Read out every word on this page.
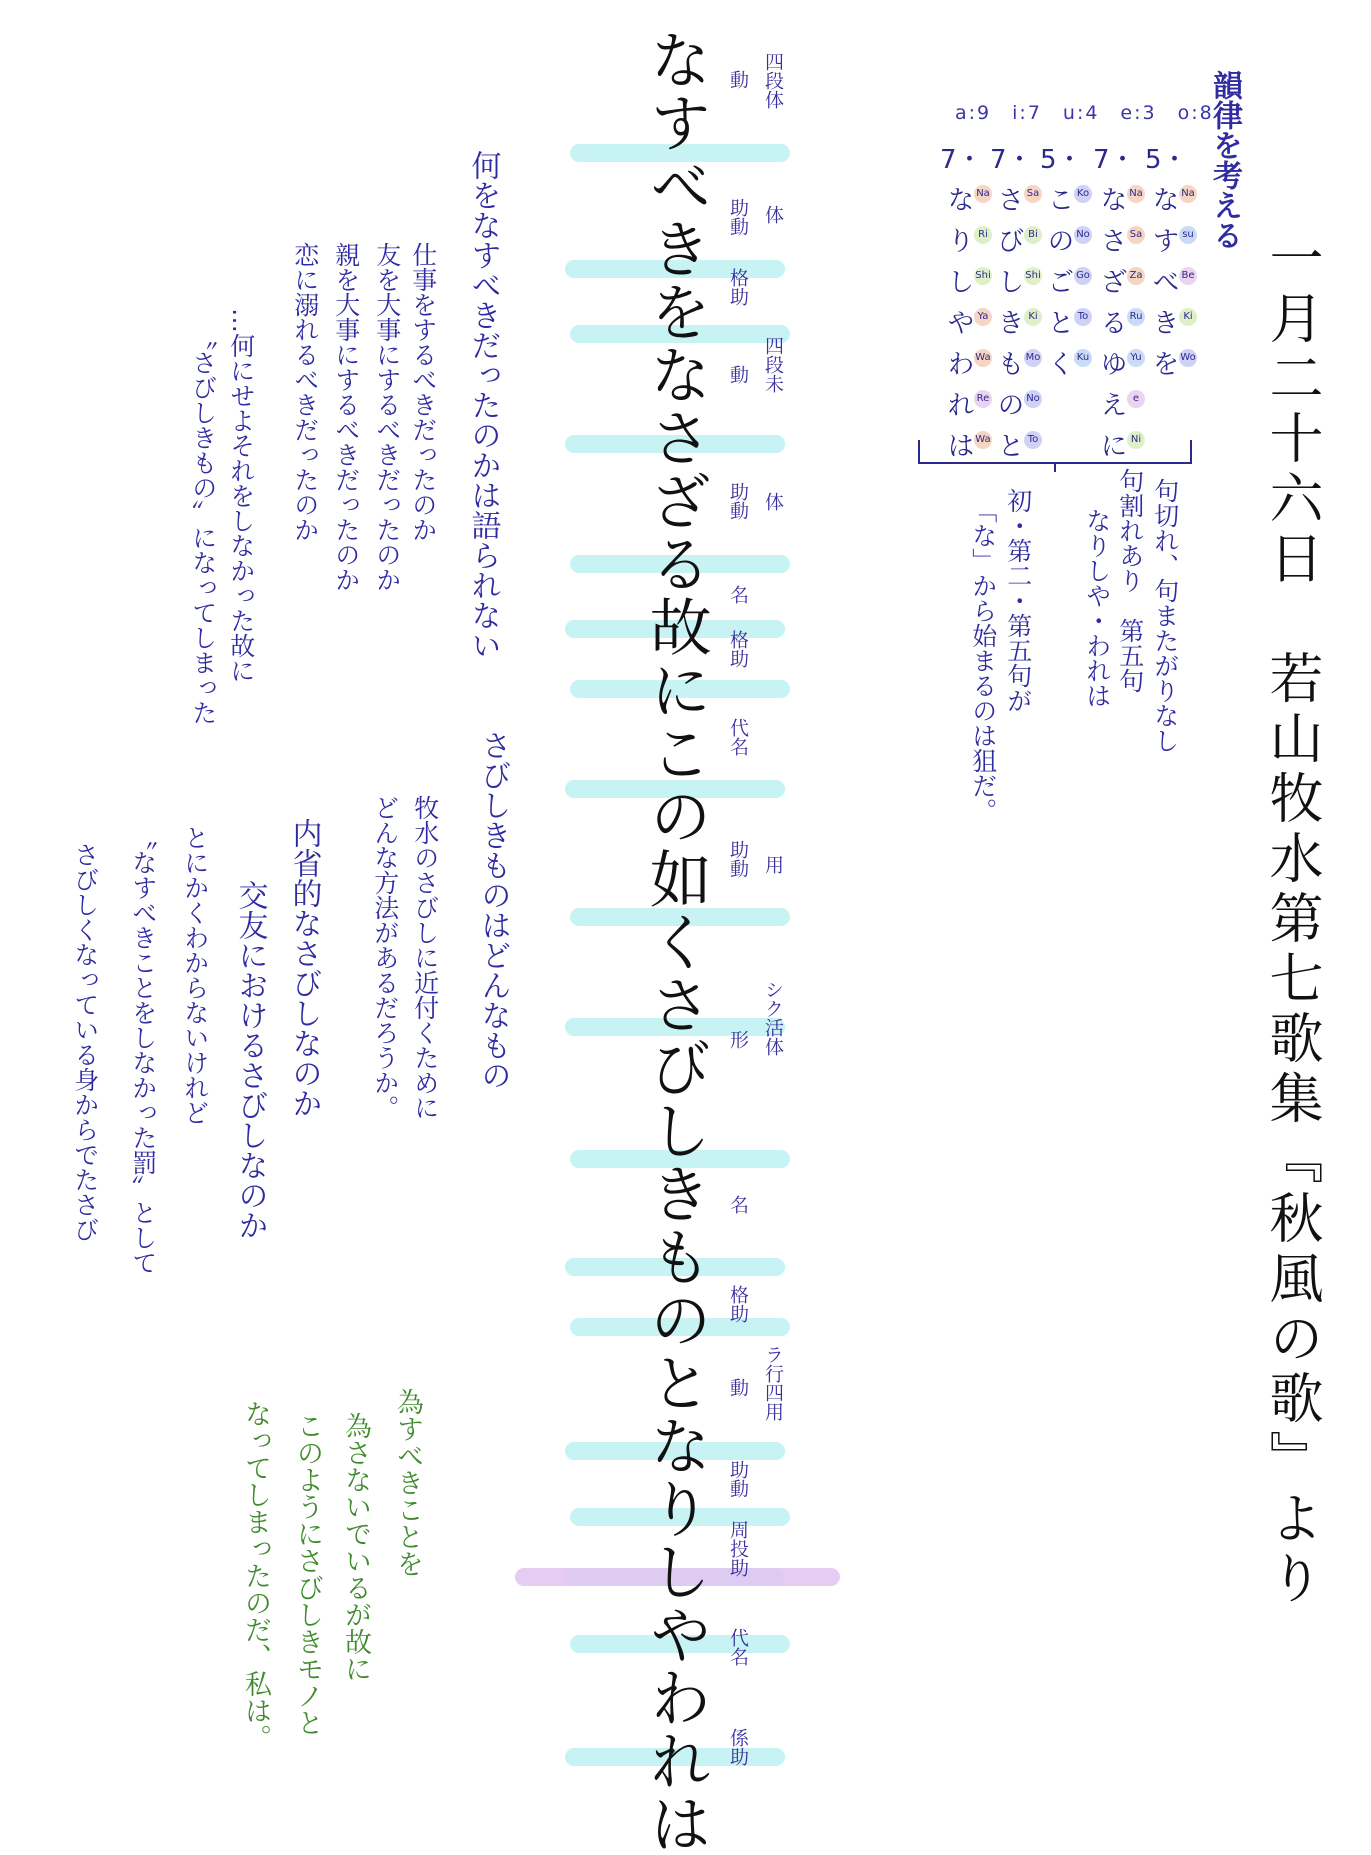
一月二十六日　若山牧水第七歌集『秋風の歌』より
なすべきをなさざる故にこの如くさびしきものとなりしやわれは	四段体
動
体
助動
格助
四段未
動
体
助動
名
格助
代名
用
助動
シク活体
形
名
格助
ラ行四用
動
助動
周投助
代名
係助
韻律を考える
a:9　i:7　u:4　e:3　o:8
5・
な Na
す su
べ Be
き Ki
を Wo
7・
な Na
さ Sa
ざ Za
る Ru
ゆ Yu
え e
に Ni
5・
こ Ko
の No
ご Go
と To
く Ku
7・
さ Sa
び Bi
し Shi
き Ki
も Mo
の No
と To
7・
な Na
り Ri
し Shi
や Ya
わ Wa
れ Re
は Wa
句切れ、句またがりなし
句割れあり　第五句
なりしや・われは
初・第二・第五句が
「な」から始まるのは狙だ。
何をなすべきだったのかは語られない
仕事をするべきだったのか
友を大事にするべきだったのか
親を大事にするべきだったのか
恋に溺れるべきだったのか
…何にせよそれをしなかった故に
〝さびしきもの〟になってしまった
さびしきものはどんなもの
牧水のさびしに近付くために
どんな方法があるだろうか。
内省的なさびしなのか
交友におけるさびしなのか
とにかくわからないけれど
〝なすべきことをしなかった罰〟として
さびしくなっている身からでたさび
為すべきことを
為さないでいるが故に
このようにさびしきモノと
なってしまったのだ、私は。
